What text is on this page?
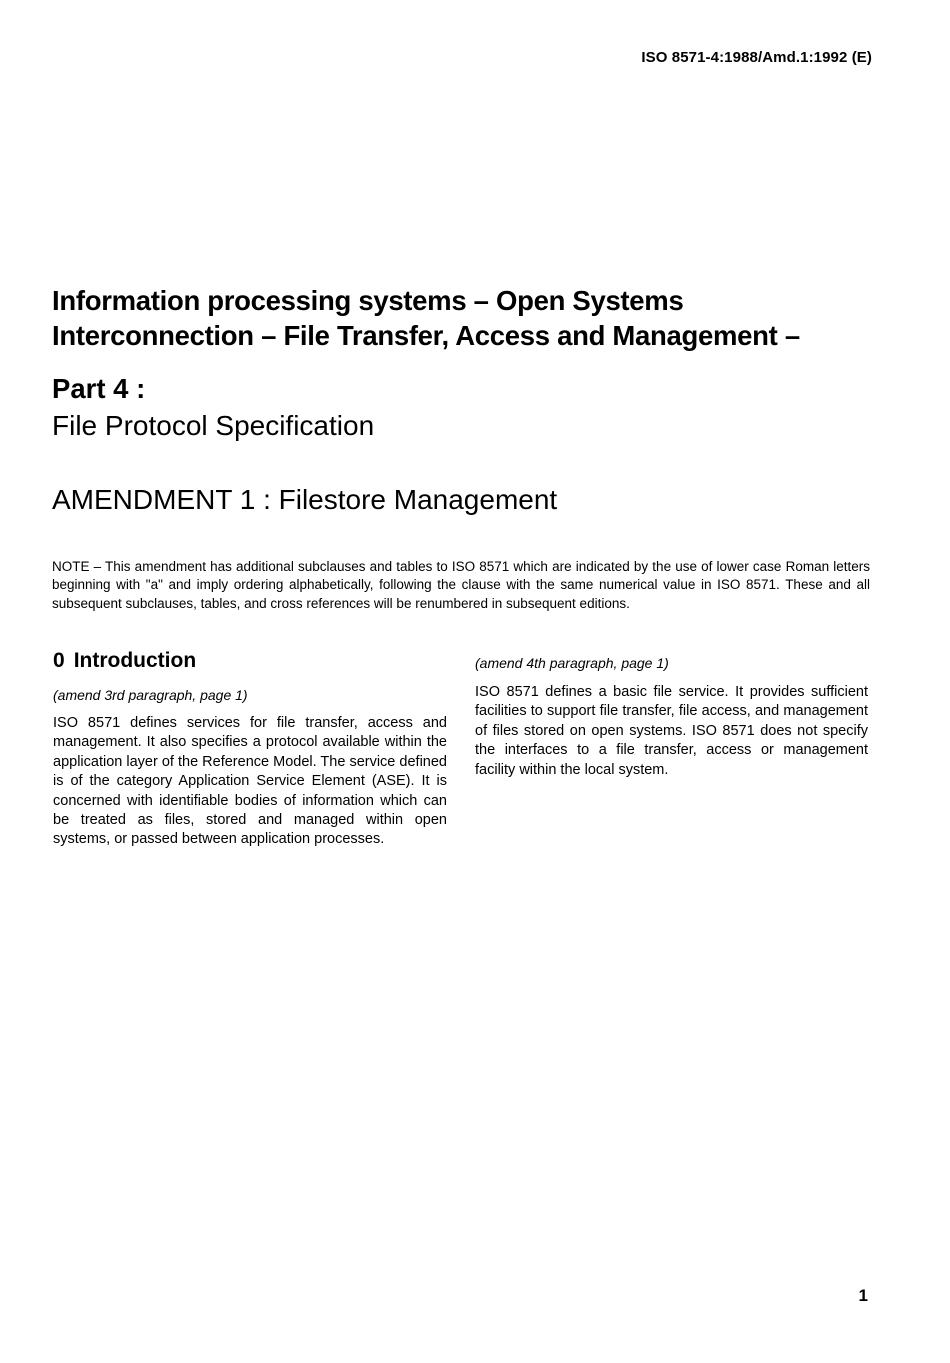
ISO 8571-4:1988/Amd.1:1992 (E)
Information processing systems – Open Systems
Interconnection – File Transfer, Access and Management –
Part 4 :
File Protocol Specification
AMENDMENT 1 : Filestore Management
NOTE – This amendment has additional subclauses and tables to ISO 8571 which are indicated by the use of lower case Roman letters beginning with "a" and imply ordering alphabetically, following the clause with the same numerical value in ISO 8571. These and all subsequent subclauses, tables, and cross references will be renumbered in subsequent editions.
0 Introduction
(amend 3rd paragraph, page 1)
ISO 8571 defines services for file transfer, access and management. It also specifies a protocol available within the application layer of the Reference Model. The service defined is of the category Application Service Element (ASE). It is concerned with identifiable bodies of information which can be treated as files, stored and managed within open systems, or passed between application processes.
(amend 4th paragraph, page 1)
ISO 8571 defines a basic file service. It provides sufficient facilities to support file transfer, file access, and management of files stored on open systems. ISO 8571 does not specify the interfaces to a file transfer, access or management facility within the local system.
1
